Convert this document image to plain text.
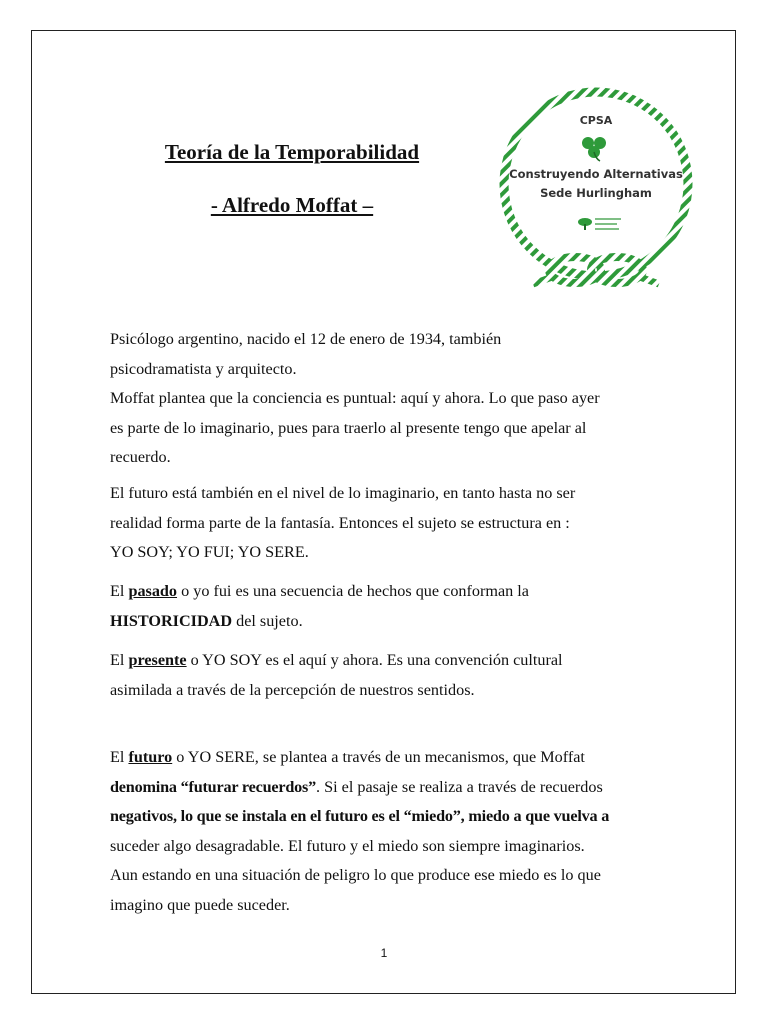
Teoría de la Temporabilidad
- Alfredo Moffat –
CPSA
Construyendo Alternativas
Sede Hurlingham

Psicólogo argentino, nacido el 12 de enero de 1934, también

psicodramatista y arquitecto.

Moffat plantea que la conciencia es puntual: aquí y ahora. Lo que paso ayer

es parte de lo imaginario, pues para traerlo al presente tengo que apelar al

recuerdo.

El futuro está también en el nivel de lo imaginario, en tanto hasta no ser

realidad forma parte de la fantasía. Entonces el sujeto se estructura en :

YO SOY; YO FUI; YO SERE.

El pasado o yo fui es una secuencia de hechos que conforman la

HISTORICIDAD del sujeto.

El presente o YO SOY es el aquí y ahora. Es una convención cultural

asimilada a través de la percepción de nuestros sentidos.

El futuro o YO SERE, se plantea a través de un mecanismos, que Moffat

denomina “futurar recuerdos”. Si el pasaje se realiza a través de recuerdos

negativos, lo que se instala en el futuro es el “miedo”, miedo a que vuelva a

suceder algo desagradable. El futuro y el miedo son siempre imaginarios.

Aun estando en una situación de peligro lo que produce ese miedo es lo que

imagino que puede suceder.

1
